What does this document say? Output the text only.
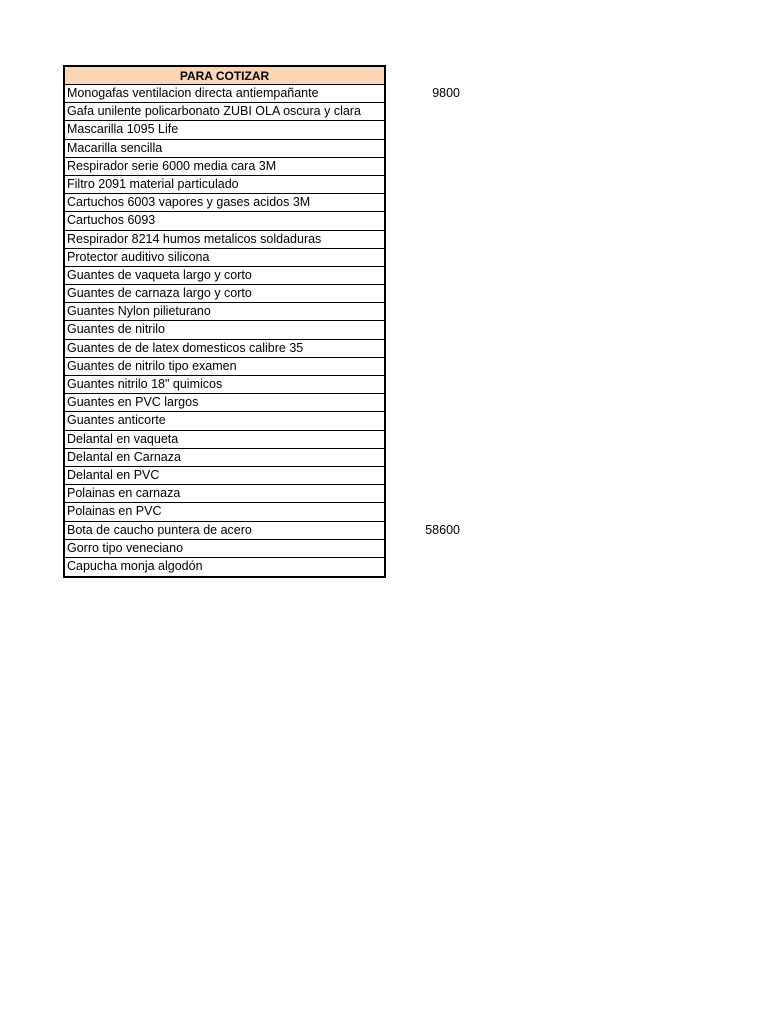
PARA COTIZAR
Monogafas ventilacion directa antiempañante
Gafa unilente policarbonato ZUBI OLA oscura y clara
Mascarilla 1095 Life
Macarilla sencilla
Respirador serie 6000 media cara 3M
Filtro 2091 material particulado
Cartuchos 6003 vapores y gases acidos 3M
Cartuchos 6093
Respirador 8214 humos metalicos soldaduras
Protector auditivo silicona
Guantes de vaqueta largo y corto
Guantes de carnaza largo y corto
Guantes Nylon pilieturano
Guantes de nitrilo
Guantes de de latex domesticos calibre 35
Guantes de nitrilo tipo examen
Guantes nitrilo 18" quimicos
Guantes en PVC largos
Guantes anticorte
Delantal en vaqueta
Delantal en Carnaza
Delantal en PVC
Polainas en carnaza
Polainas en PVC
Bota de caucho puntera de acero
Gorro tipo veneciano
Capucha monja algodón
9800
58600
